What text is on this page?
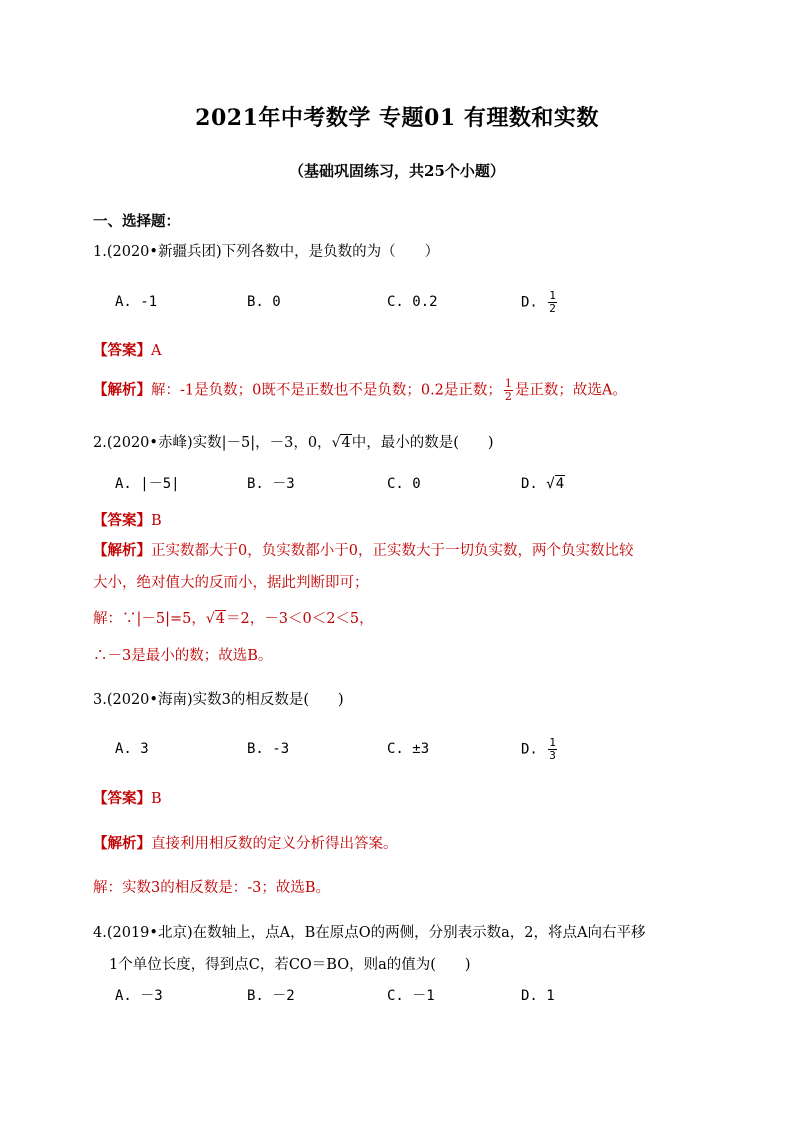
2021年中考数学 专题01 有理数和实数
（基础巩固练习，共25个小题）
一、选择题：
1.(2020•新疆兵团)下列各数中，是负数的为（　　）
A. -1	B. 0	C. 0.2	D. $\frac{1}{2}$
【答案】A
【解析】解：-1是负数；0既不是正数也不是负数；0.2是正数； $\frac{1}{2}$ 是正数；故选A。
2.(2020•赤峰)实数|－5|，－3，0，√4中，最小的数是(　　)
A. |－5|	B. －3	C. 0	D. √4
【答案】B
【解析】正实数都大于0，负实数都小于0，正实数大于一切负实数，两个负实数比较
大小，绝对值大的反而小，据此判断即可；
解：∵|－5|=5，√4＝2，－3＜0＜2＜5，
∴－3是最小的数；故选B。
3.(2020•海南)实数3的相反数是(　　)
A. 3	B. -3	C. ±3	D. $\frac{1}{3}$
【答案】B
【解析】直接利用相反数的定义分析得出答案。
解：实数3的相反数是：-3；故选B。
4.(2019•北京)在数轴上，点A，B在原点O的两侧，分别表示数a，2，将点A向右平移
1个单位长度，得到点C，若CO＝BO，则a的值为(　　)
A. －3	B. －2	C. －1	D. 1
